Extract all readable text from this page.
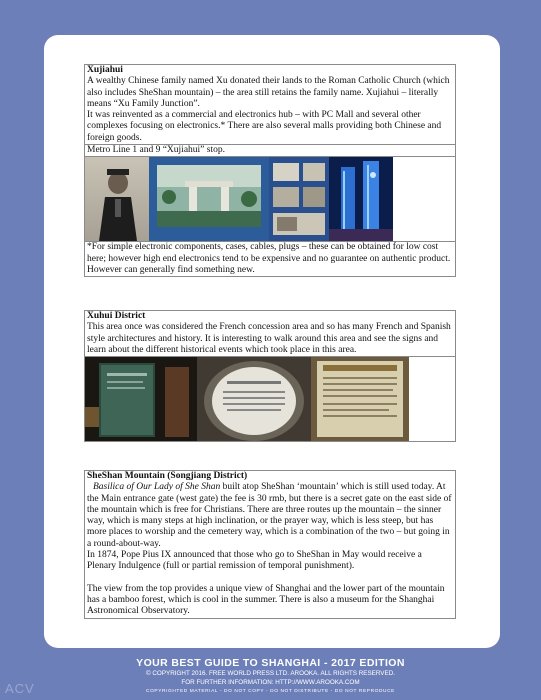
Xujiahui
A wealthy Chinese family named Xu donated their lands to the Roman Catholic Church (which also includes SheShan mountain) – the area still retains the family name. Xujiahui – literally means “Xu Family Junction”.
It was reinvented as a commercial and electronics hub – with PC Mall and several other complexes focusing on electronics.* There are also several malls providing both Chinese and foreign goods.
Metro Line 1 and 9 “Xujiahui” stop.
*For simple electronic components, cases, cables, plugs – these can be obtained for low cost here; however high end electronics tend to be expensive and no guarantee on authentic product. However can generally find something new.
Xuhui District
This area once was considered the French concession area and so has many French and Spanish style architectures and history. It is interesting to walk around this area and see the signs and learn about the different historical events which took place in this area.
SheShan Mountain (Songjiang District)
Basilica of Our Lady of She Shan built atop SheShan ‘mountain’ which is still used today. At the Main entrance gate (west gate) the fee is 30 rmb, but there is a secret gate on the east side of the mountain which is free for Christians. There are three routes up the mountain – the sinner way, which is many steps at high inclination, or the prayer way, which is less steep, but has more places to worship and the cemetery way, which is a combination of the two – but going in a round-about-way.
In 1874, Pope Pius IX announced that those who go to SheShan in May would receive a Plenary Indulgence (full or partial remission of temporal punishment).
The view from the top provides a unique view of Shanghai and the lower part of the mountain has a bamboo forest, which is cool in the summer. There is also a museum for the Shanghai Astronomical Observatory.
YOUR BEST GUIDE TO SHANGHAI - 2017 EDITION
© COPYRIGHT 2016. FREE WORLD PRESS LTD. AROOKA. ALL RIGHTS RESERVED.
FOR FURTHER INFORMATION: HTTP://WWW.AROOKA.COM
COPYRIGHTED MATERIAL - DO NOT COPY - DO NOT DISTRIBUTE - DO NOT REPRODUCE
ACV
